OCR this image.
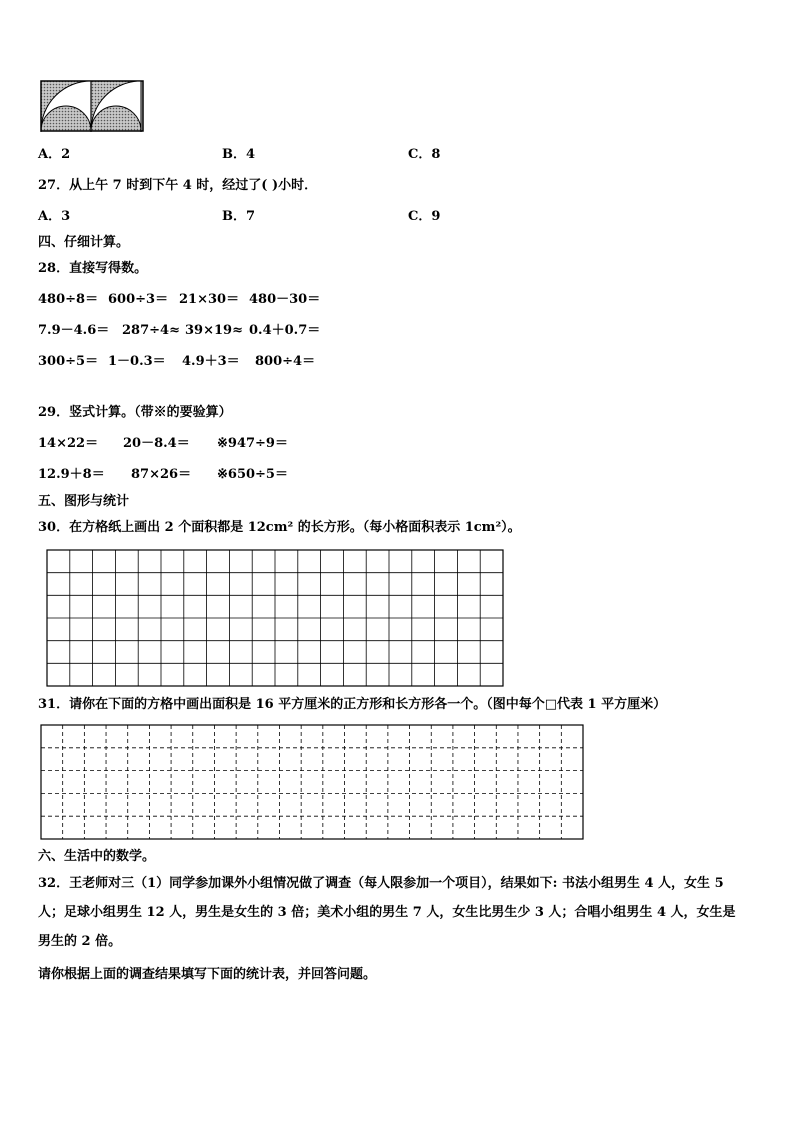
A．2	B．4	C．8
27．从上午 7 时到下午 4 时，经过了( )小时．
A．3	B．7	C．9
四、仔细计算。
28．直接写得数。
480÷8＝ 600÷3＝ 21×30＝ 480－30＝
7.9－4.6＝ 287÷4≈ 39×19≈ 0.4＋0.7＝
300÷5＝ 1－0.3＝ 4.9＋3＝ 800÷4＝
29．竖式计算。（带※的要验算）
14×22＝ 20－8.4＝ ※947÷9＝
12.9＋8＝ 87×26＝ ※650÷5＝
五、图形与统计
30．在方格纸上画出 2 个面积都是 12cm² 的长方形。（每小格面积表示 1cm²）。
31．请你在下面的方格中画出面积是 16 平方厘米的正方形和长方形各一个。（图中每个□代表 1 平方厘米）
六、生活中的数学。
32．王老师对三（1）同学参加课外小组情况做了调查（每人限参加一个项目），结果如下: 书法小组男生 4 人，女生 5
人；足球小组男生 12 人，男生是女生的 3 倍；美术小组的男生 7 人，女生比男生少 3 人；合唱小组男生 4 人，女生是
男生的 2 倍。
请你根据上面的调查结果填写下面的统计表，并回答问题。
